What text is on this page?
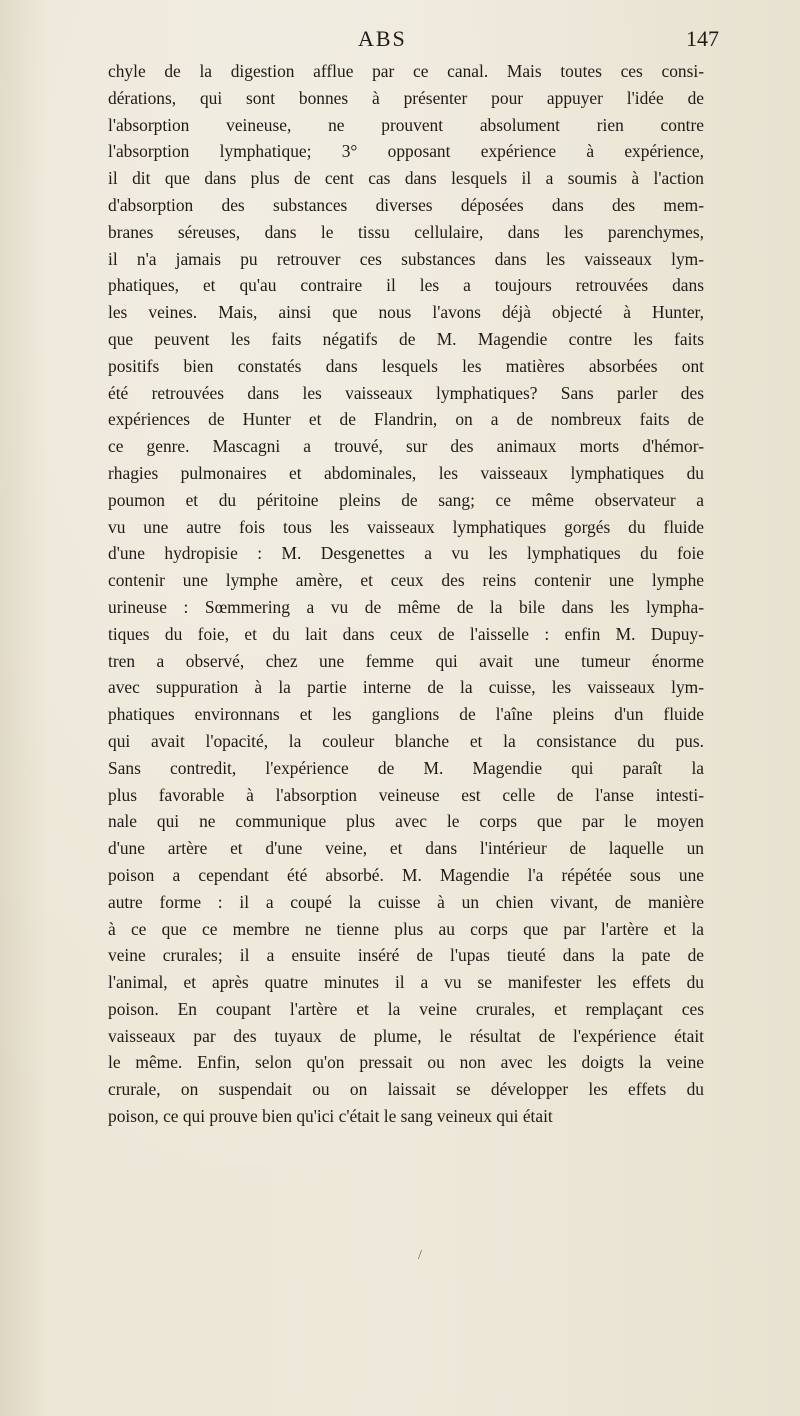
ABS	147
chyle de la digestion afflue par ce canal. Mais toutes ces consi-
dérations, qui sont bonnes à présenter pour appuyer l'idée de
l'absorption veineuse, ne prouvent absolument rien contre
l'absorption lymphatique; 3° opposant expérience à expérience,
il dit que dans plus de cent cas dans lesquels il a soumis à l'action
d'absorption des substances diverses déposées dans des mem-
branes séreuses, dans le tissu cellulaire, dans les parenchymes,
il n'a jamais pu retrouver ces substances dans les vaisseaux lym-
phatiques, et qu'au contraire il les a toujours retrouvées dans
les veines. Mais, ainsi que nous l'avons déjà objecté à Hunter,
que peuvent les faits négatifs de M. Magendie contre les faits
positifs bien constatés dans lesquels les matières absorbées ont
été retrouvées dans les vaisseaux lymphatiques? Sans parler des
expériences de Hunter et de Flandrin, on a de nombreux faits de
ce genre. Mascagni a trouvé, sur des animaux morts d'hémor-
rhagies pulmonaires et abdominales, les vaisseaux lymphatiques du
poumon et du péritoine pleins de sang; ce même observateur a
vu une autre fois tous les vaisseaux lymphatiques gorgés du fluide
d'une hydropisie : M. Desgenettes a vu les lymphatiques du foie
contenir une lymphe amère, et ceux des reins contenir une lymphe
urineuse : Sœmmering a vu de même de la bile dans les lympha-
tiques du foie, et du lait dans ceux de l'aisselle : enfin M. Dupuy-
tren a observé, chez une femme qui avait une tumeur énorme
avec suppuration à la partie interne de la cuisse, les vaisseaux lym-
phatiques environnans et les ganglions de l'aîne pleins d'un fluide
qui avait l'opacité, la couleur blanche et la consistance du pus.
Sans contredit, l'expérience de M. Magendie qui paraît la
plus favorable à l'absorption veineuse est celle de l'anse intesti-
nale qui ne communique plus avec le corps que par le moyen
d'une artère et d'une veine, et dans l'intérieur de laquelle un
poison a cependant été absorbé. M. Magendie l'a répétée sous une
autre forme : il a coupé la cuisse à un chien vivant, de manière
à ce que ce membre ne tienne plus au corps que par l'artère et la
veine crurales; il a ensuite inséré de l'upas tieuté dans la pate de
l'animal, et après quatre minutes il a vu se manifester les effets du
poison. En coupant l'artère et la veine crurales, et remplaçant ces
vaisseaux par des tuyaux de plume, le résultat de l'expérience était
le même. Enfin, selon qu'on pressait ou non avec les doigts la veine
crurale, on suspendait ou on laissait se développer les effets du
poison, ce qui prouve bien qu'ici c'était le sang veineux qui était
/
